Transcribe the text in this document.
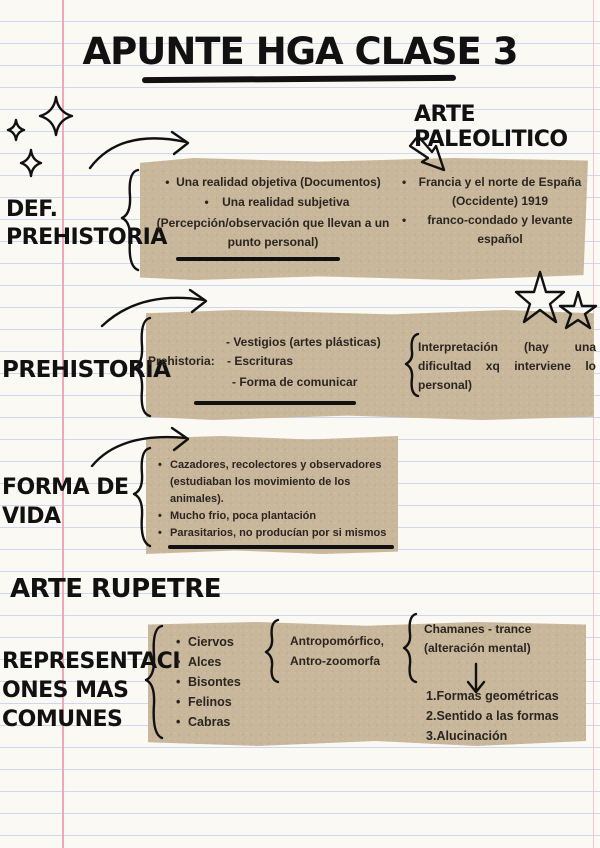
APUNTE HGA CLASE 3
ARTE PALEOLITICO
DEF.
PREHISTORIA
•  Una realidad objetiva (Documentos)
•    Una realidad subjetiva
(Percepción/observación que llevan a un punto personal)
•	Francia y el norte de España (Occidente) 1919
•	franco-condado y levante español
PREHISTORIA
Prehistoria:
- Vestigios (artes plásticas)
- Escrituras
- Forma de comunicar
Interpretación (hay una dificultad xq interviene lo personal)
FORMA DE
VIDA
• Cazadores, recolectores y observadores (estudiaban los movimiento de los animales).
• Mucho frio, poca plantación
• Parasitarios, no producían por si mismos
ARTE RUPETRE
REPRESENTACI
ONES MAS
COMUNES
• Ciervos
• Alces
• Bisontes
• Felinos
• Cabras
Antropomórfico,
Antro-zoomorfa
Chamanes - trance (alteración mental)
1.Formas geométricas
2.Sentido a las formas
3.Alucinación
